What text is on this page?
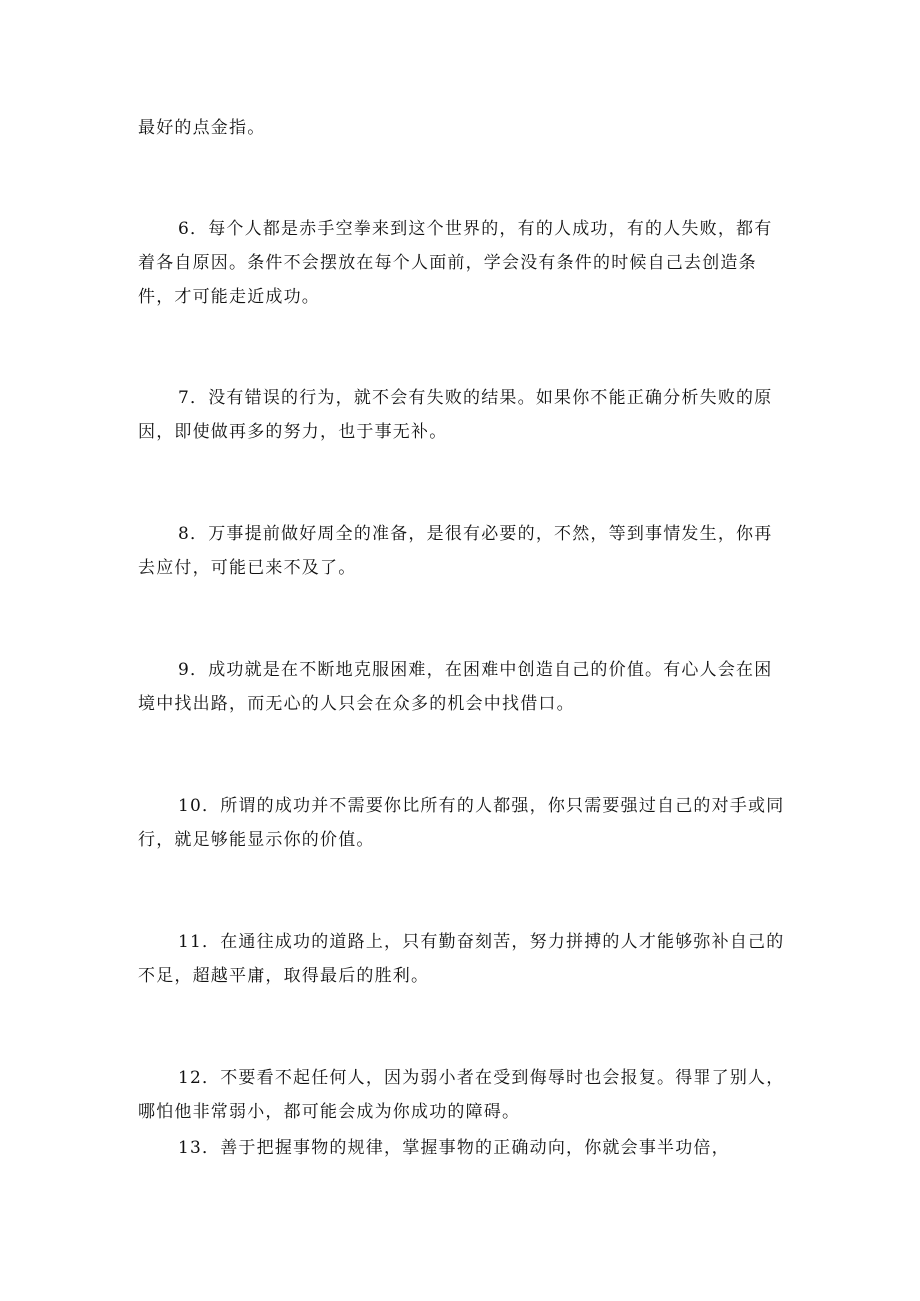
最好的点金指。

6．每个人都是赤手空拳来到这个世界的，有的人成功，有的人失败，都有着各自原因。条件不会摆放在每个人面前，学会没有条件的时候自己去创造条件，才可能走近成功。

7．没有错误的行为，就不会有失败的结果。如果你不能正确分析失败的原因，即使做再多的努力，也于事无补。

8．万事提前做好周全的准备，是很有必要的，不然，等到事情发生，你再去应付，可能已来不及了。

9．成功就是在不断地克服困难，在困难中创造自己的价值。有心人会在困境中找出路，而无心的人只会在众多的机会中找借口。

10．所谓的成功并不需要你比所有的人都强，你只需要强过自己的对手或同行，就足够能显示你的价值。

11．在通往成功的道路上，只有勤奋刻苦，努力拼搏的人才能够弥补自己的不足，超越平庸，取得最后的胜利。

12．不要看不起任何人，因为弱小者在受到侮辱时也会报复。得罪了别人，哪怕他非常弱小，都可能会成为你成功的障碍。

13．善于把握事物的规律，掌握事物的正确动向，你就会事半功倍，
